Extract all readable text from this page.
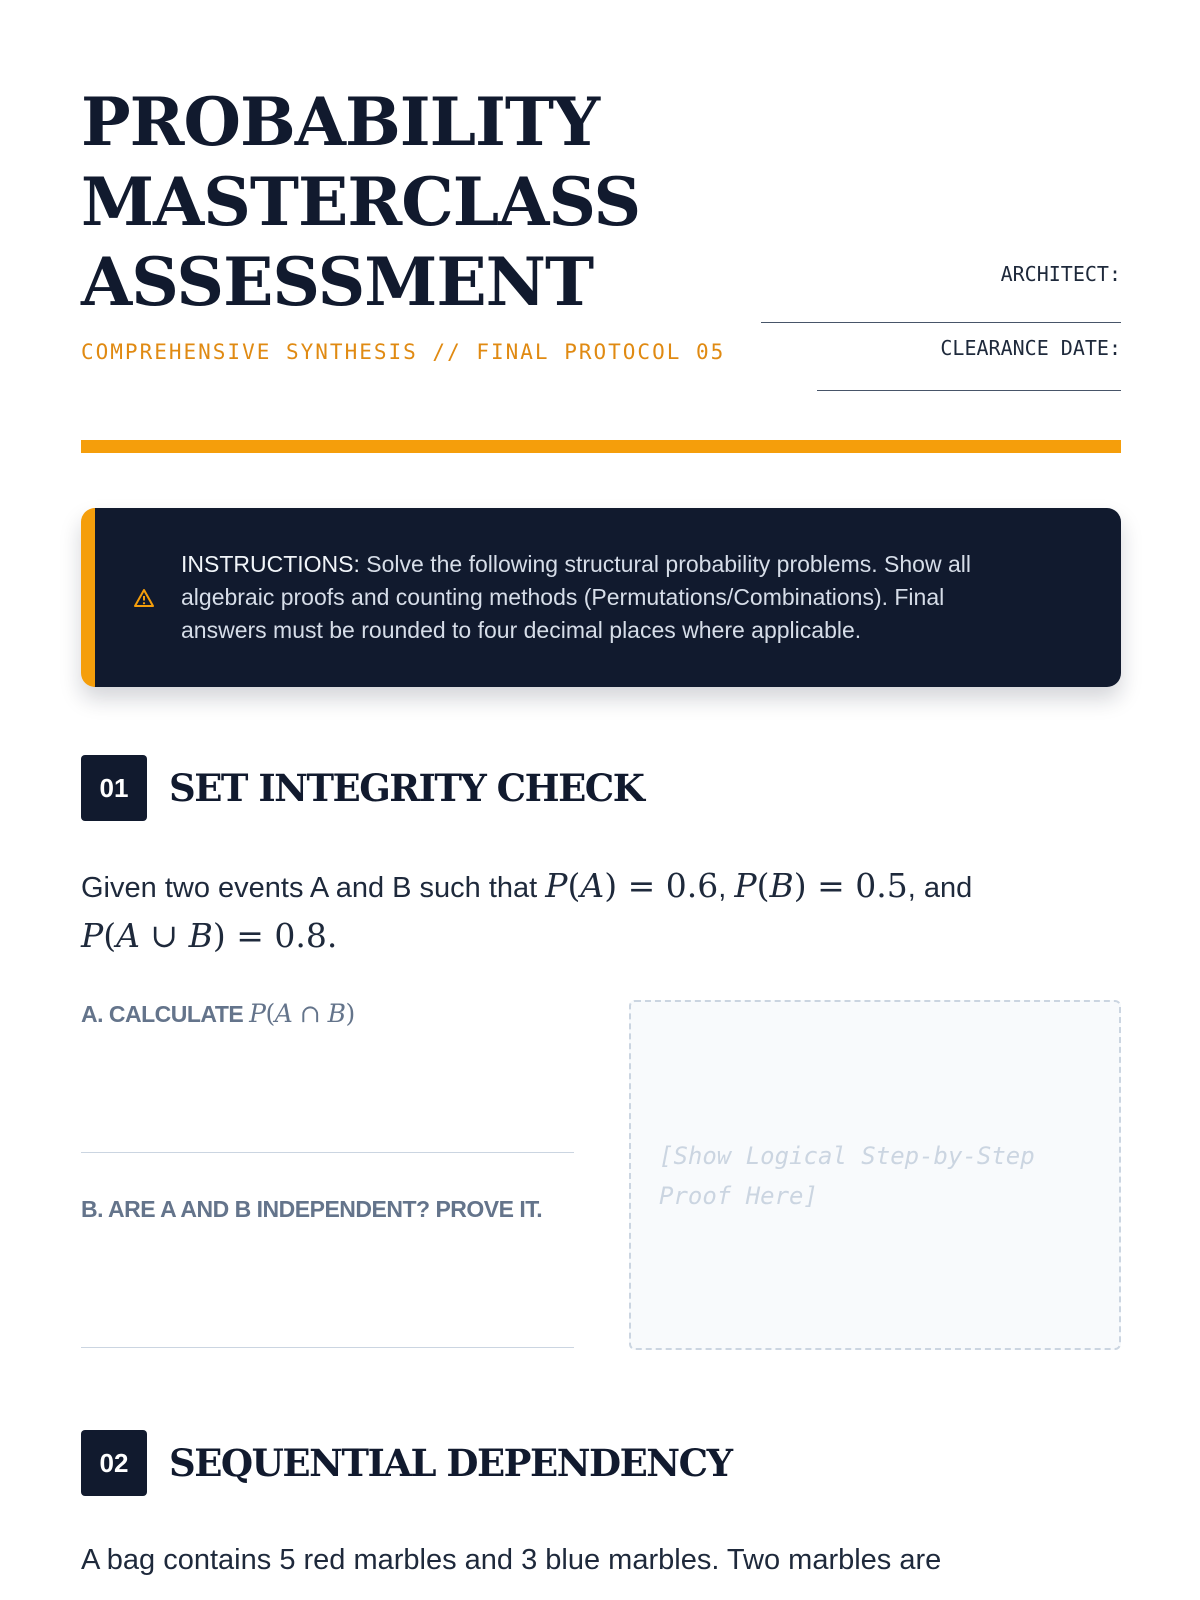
PROBABILITY
MASTERCLASS
ASSESSMENT
COMPREHENSIVE SYNTHESIS // FINAL PROTOCOL 05
ARCHITECT:
CLEARANCE DATE:
INSTRUCTIONS: Solve the following structural probability problems. Show all algebraic proofs and counting methods (Permutations/Combinations). Final answers must be rounded to four decimal places where applicable.
01	SET INTEGRITY CHECK
Given two events A and B such that P(A) = 0.6, P(B) = 0.5, and
P(A ∪ B) = 0.8.
A. CALCULATE P(A ∩ B)
B. ARE A AND B INDEPENDENT? PROVE IT.
[Show Logical Step-by-Step Proof Here]
02	SEQUENTIAL DEPENDENCY
A bag contains 5 red marbles and 3 blue marbles. Two marbles are
